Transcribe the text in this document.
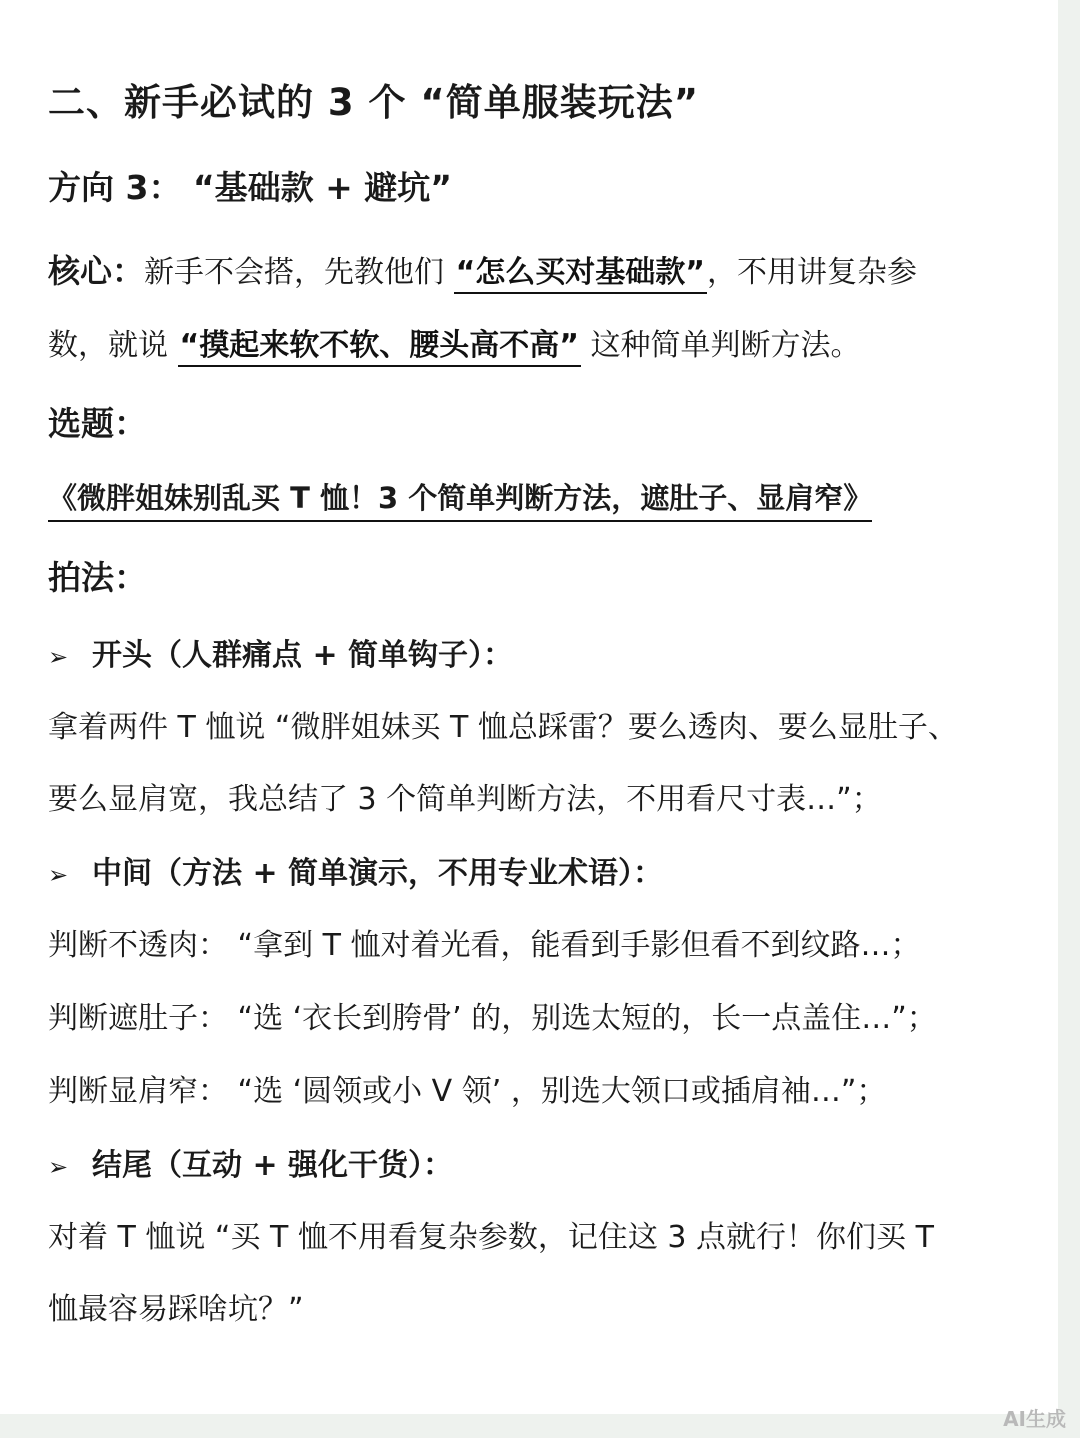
二、新手必试的 3 个 “简单服装玩法”
方向 3： “基础款 + 避坑”
核心：新手不会搭，先教他们 “怎么买对基础款”，不用讲复杂参
数，就说 “摸起来软不软、腰头高不高” 这种简单判断方法。
选题：
《微胖姐妹别乱买 T 恤！3 个简单判断方法，遮肚子、显肩窄》
拍法：
➢ 开头（人群痛点 + 简单钩子）：
拿着两件 T 恤说 “微胖姐妹买 T 恤总踩雷？要么透肉、要么显肚子、
要么显肩宽，我总结了 3 个简单判断方法，不用看尺寸表…”；
➢ 中间（方法 + 简单演示，不用专业术语）：
判断不透肉： “拿到 T 恤对着光看，能看到手影但看不到纹路…；
判断遮肚子： “选 ‘衣长到胯骨’ 的，别选太短的，长一点盖住…”；
判断显肩窄： “选 ‘圆领或小 V 领’ ，别选大领口或插肩袖…”；
➢ 结尾（互动 + 强化干货）：
对着 T 恤说 “买 T 恤不用看复杂参数，记住这 3 点就行！你们买 T
恤最容易踩啥坑？”
AI生成
